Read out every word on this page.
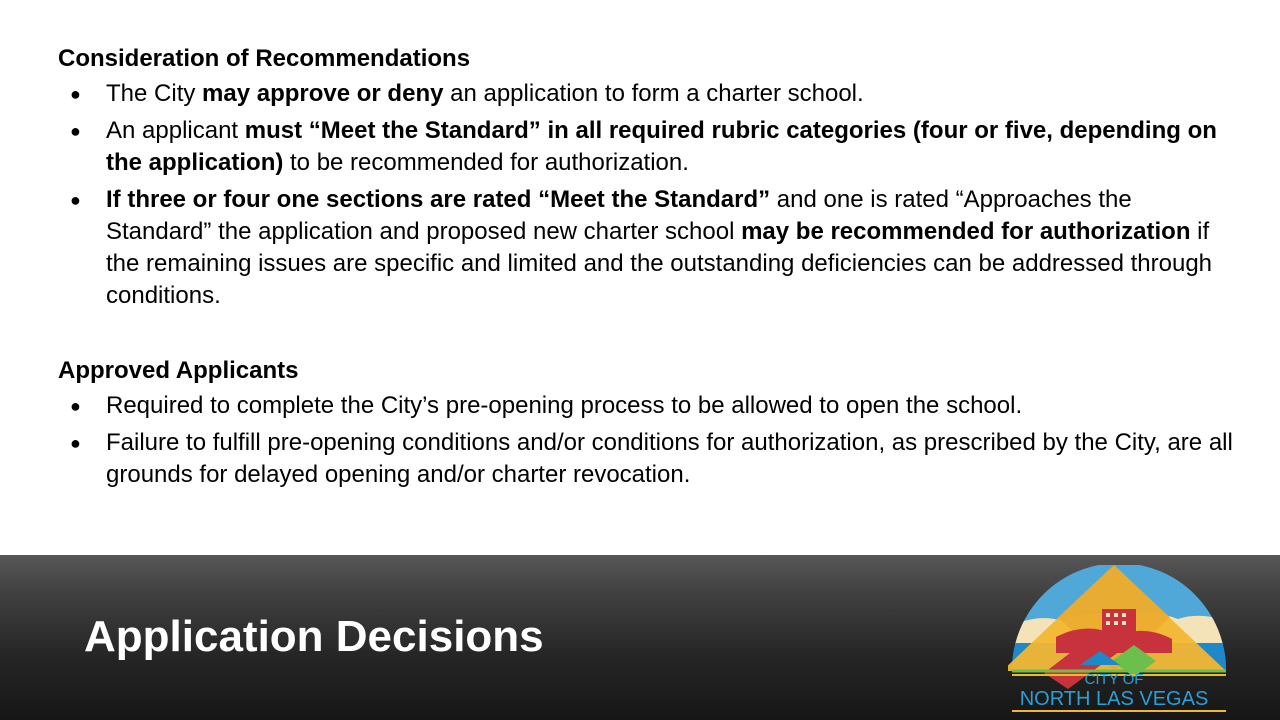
Consideration of Recommendations
● The City may approve or deny an application to form a charter school.
● An applicant must “Meet the Standard” in all required rubric categories (four or five, depending on the application) to be recommended for authorization.
● If three or four one sections are rated “Meet the Standard” and one is rated “Approaches the Standard” the application and proposed new charter school may be recommended for authorization if the remaining issues are specific and limited and the outstanding deficiencies can be addressed through conditions.
Approved Applicants
● Required to complete the City’s pre-opening process to be allowed to open the school.
● Failure to fulfill pre-opening conditions and/or conditions for authorization, as prescribed by the City, are all grounds for delayed opening and/or charter revocation.
Application Decisions
CITY OF
NORTH LAS VEGAS
